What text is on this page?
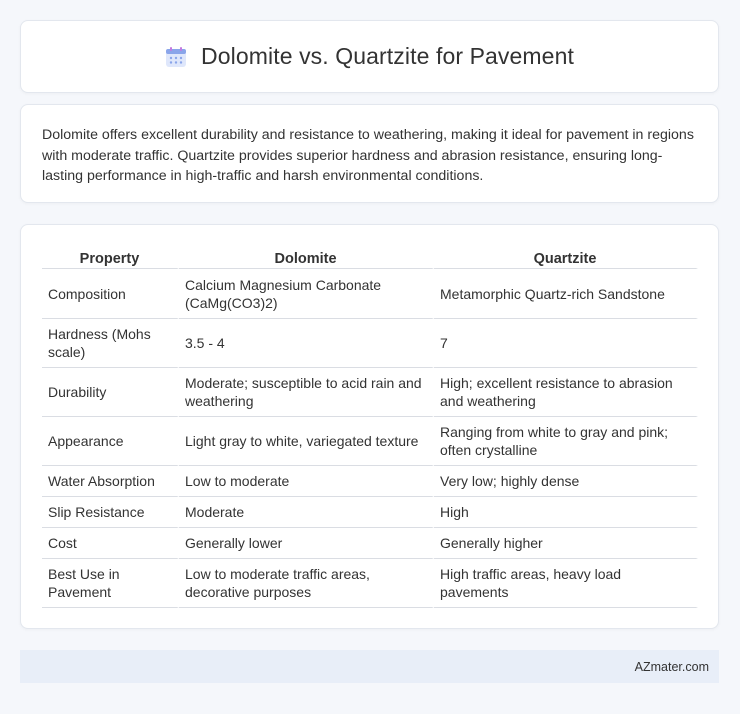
Dolomite vs. Quartzite for Pavement

Dolomite offers excellent durability and resistance to weathering, making it ideal for pavement in regions with moderate traffic. Quartzite provides superior hardness and abrasion resistance, ensuring long-lasting performance in high-traffic and harsh environmental conditions.

Property	Dolomite	Quartzite
Composition	Calcium Magnesium Carbonate (CaMg(CO3)2)	Metamorphic Quartz-rich Sandstone
Hardness (Mohs scale)	3.5 - 4	7
Durability	Moderate; susceptible to acid rain and weathering	High; excellent resistance to abrasion and weathering
Appearance	Light gray to white, variegated texture	Ranging from white to gray and pink; often crystalline
Water Absorption	Low to moderate	Very low; highly dense
Slip Resistance	Moderate	High
Cost	Generally lower	Generally higher
Best Use in Pavement	Low to moderate traffic areas, decorative purposes	High traffic areas, heavy load pavements
AZmater.com
